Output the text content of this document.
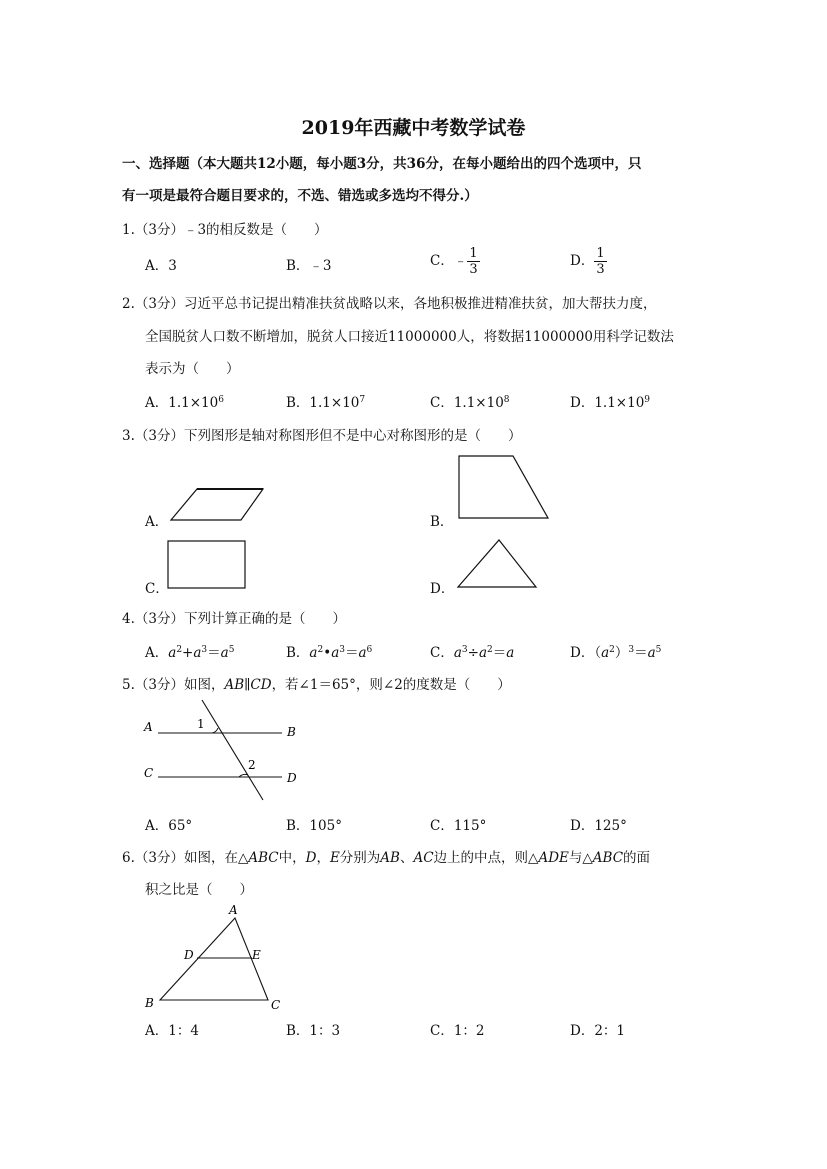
2019年西藏中考数学试卷
一、选择题（本大题共12小题，每小题3分，共36分，在每小题给出的四个选项中，只
有一项是最符合题目要求的，不选、错选或多选均不得分.）
1.（3分）﹣3的相反数是（　　）
A．3	B．﹣3	C．﹣ $\frac{1}{3}$	D． $\frac{1}{3}$
2.（3分）习近平总书记提出精准扶贫战略以来，各地积极推进精准扶贫，加大帮扶力度，
全国脱贫人口数不断增加，脱贫人口接近11000000人，将数据11000000用科学记数法
表示为（　　）
A．$1.1\times 10^6$	B．$1.1\times 10^7$	C．$1.1\times 10^8$	D．$1.1\times 10^9$
3.（3分）下列图形是轴对称图形但不是中心对称图形的是（　　）
A．	B．
C．	D．
4.（3分）下列计算正确的是（　　）
A．$a^2+a^3=a^5$	B．$a^2•a^3=a^6$	C．$a^3\div a^2=a$	D．$(a^2)^3=a^5$
5.（3分）如图，AB∥CD，若∠1＝65°，则∠2的度数是（　　）
A	B
C	D
1
2
A．65°	B．105°	C．115°	D．125°
6.（3分）如图，在△ABC中，D，E分别为AB、AC边上的中点，则△ADE与△ABC的面
积之比是（　　）
A
B	C
D	E
A．1：4	B．1：3	C．1：2	D．2：1
